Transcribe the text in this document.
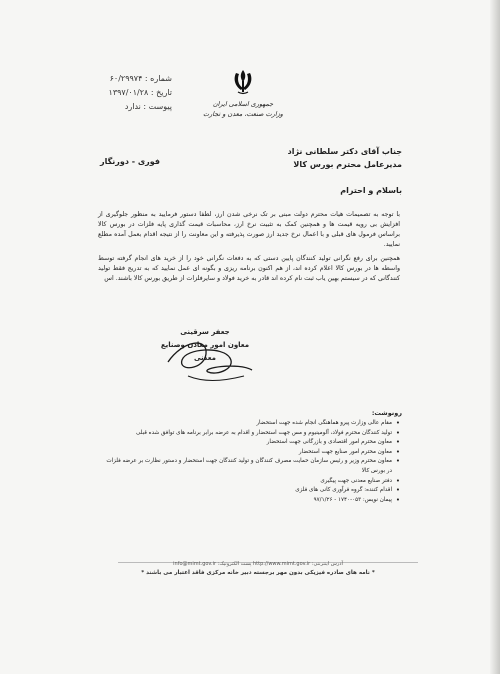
شماره : ۶۰/۲۹۹۷۴
تاریخ : ۱۳۹۷/۰۱/۲۸
پیوست : ندارد	جمهوری اسلامی ایران
وزارت صنعت، معدن و تجارت
جناب آقای دکتر سلطانی نژاد
مدیرعامل محترم بورس کالا
فوری - دورنگار
باسلام و احترام

با توجه به تصمیمات هیات محترم دولت مبنی بر تک نرخی شدن ارز، لطفا دستور فرمایید به منظور جلوگیری از افزایش بی رویه قیمت ها و همچنین کمک به تثبیت نرخ ارز، محاسبات قیمت گذاری پایه فلزات در بورس کالا براساس فرمول های قبلی و با اعمال نرخ جدید ارز صورت پذیرفته و این معاونت را از نتیجه اقدام بعمل آمده مطلع نمایید.

همچنین برای رفع نگرانی تولید کنندگان پایین دستی که به دفعات نگرانی خود را از خرید های انجام گرفته توسط واسطه ها در بورس کالا اعلام کرده اند، از هم اکنون برنامه ریزی و بگونه ای عمل نمایید که به تدریج فقط تولید کنندگانی که در سیستم بهین یاب ثبت نام کرده اند قادر به خرید فولاد و سایرفلزات از طریق بورس کالا باشند. اس

جعفر سرقینی
معاون امور معادن وصنایع معدنی
رونوشت:
• مقام عالی وزارت پیرو هماهنگی انجام شده جهت استحضار
• تولید کنندگان محترم فولاد، آلومینیوم و مس جهت استحضار و اقدام به عرضه برابر برنامه های توافق شده قبلی
• معاون محترم امور اقتصادی و بازرگانی جهت استحضار
• معاون محترم امور صنایع جهت استحضار
• معاون محترم وزیر و رئیس سازمان حمایت مصرف کنندگان و تولید کنندگان جهت استحضار و دستور نظارت بر عرضه فلزات در بورس کالا
• دفتر صنایع معدنی جهت پیگیری
• اقدام کننده: گروه فرآوری کانی های فلزی
• پیمان نویس: ۰۵۳-۱۷۴۰ - ۹۷/۱/۲۶
آدرس اینترنتی: http://www.mimt.gov.ir پست الکترونیک: info@mimt.gov.ir
* نامه های صادره فیزیکی بدون مهر برجسته دبیر خانه مرکزی فاقد اعتبار می باشند *
